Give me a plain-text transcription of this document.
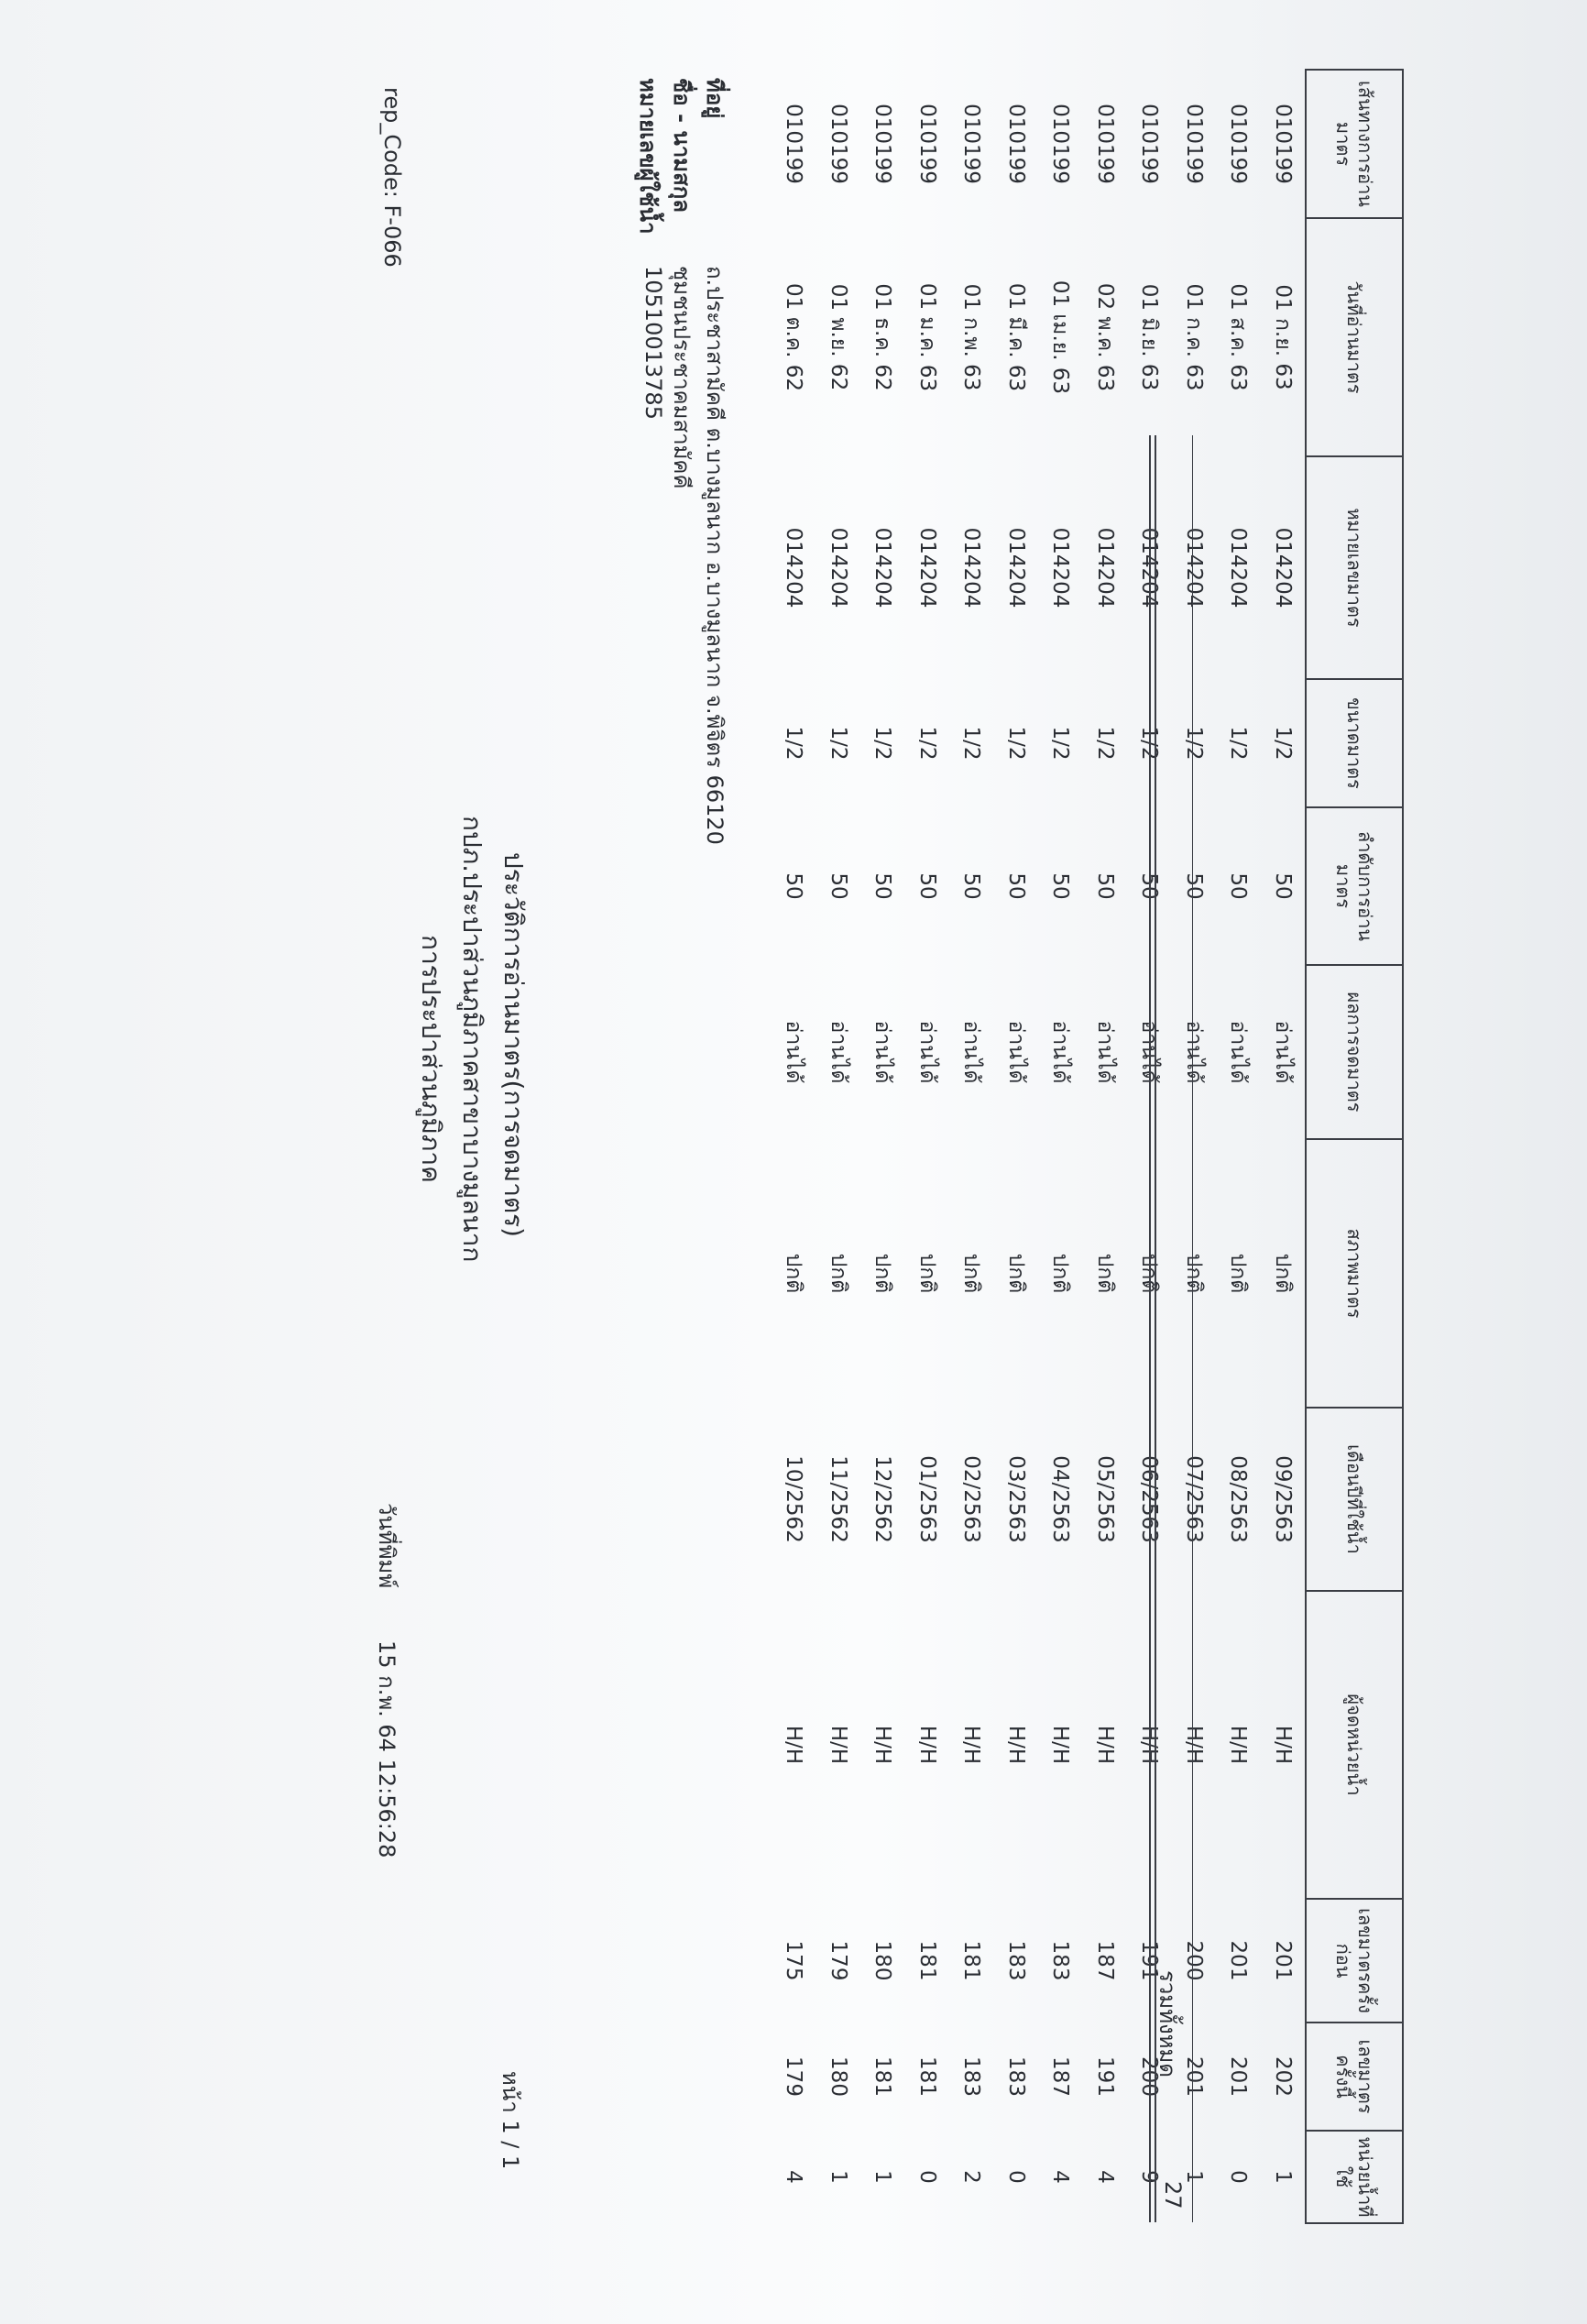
rep_Code: F-066
วันที่พิมพ์
15 ก.พ. 64 12:56:28
การประปาส่วนภูมิภาค กปภ.ประปาส่วนภูมิภาคสาขาบางมูลนาก ประวัติการอ่านมาตร(การจดมาตร)
หน้า 1 / 1
หมายเลขผู้ใช้น้ำ
10510013785
ชื่อ - นามสกุล
ชุมชนประชาคมสามัคคี
ที่อยู่
ถ.ประชาสามัคคี ต.บางมูลนาก อ.บางมูลนาก จ.พิจิตร 66120
เส้นทางการอ่านมาตร	วันที่อ่านมาตร	หมายเลขมาตร	ขนาดมาตร	ลำดับการอ่านมาตร	ผลการจดมาตร	สภาพมาตร	เดือนปีที่ใช้น้ำ	ผู้จดหน่วยน้ำ	เลขมาตรครั้งก่อน	เลขมาตรครั้งนี้	หน่วยน้ำที่ใช้
010199	01 ก.ย. 63	014204	1/2	50	อ่านได้	ปกติ	09/2563	H/H	201	202	1
010199	01 ส.ค. 63	014204	1/2	50	อ่านได้	ปกติ	08/2563	H/H	201	201	0
010199	01 ก.ค. 63	014204	1/2	50	อ่านได้	ปกติ	07/2563	H/H	200	201	1
010199	01 มิ.ย. 63	014204	1/2	50	อ่านได้	ปกติ	06/2563	H/H	191	200	9
010199	02 พ.ค. 63	014204	1/2	50	อ่านได้	ปกติ	05/2563	H/H	187	191	4
010199	01 เม.ย. 63	014204	1/2	50	อ่านได้	ปกติ	04/2563	H/H	183	187	4
010199	01 มี.ค. 63	014204	1/2	50	อ่านได้	ปกติ	03/2563	H/H	183	183	0
010199	01 ก.พ. 63	014204	1/2	50	อ่านได้	ปกติ	02/2563	H/H	181	183	2
010199	01 ม.ค. 63	014204	1/2	50	อ่านได้	ปกติ	01/2563	H/H	181	181	0
010199	01 ธ.ค. 62	014204	1/2	50	อ่านได้	ปกติ	12/2562	H/H	180	181	1
010199	01 พ.ย. 62	014204	1/2	50	อ่านได้	ปกติ	11/2562	H/H	179	180	1
010199	01 ต.ค. 62	014204	1/2	50	อ่านได้	ปกติ	10/2562	H/H	175	179	4
รวมทั้งหมด
27
